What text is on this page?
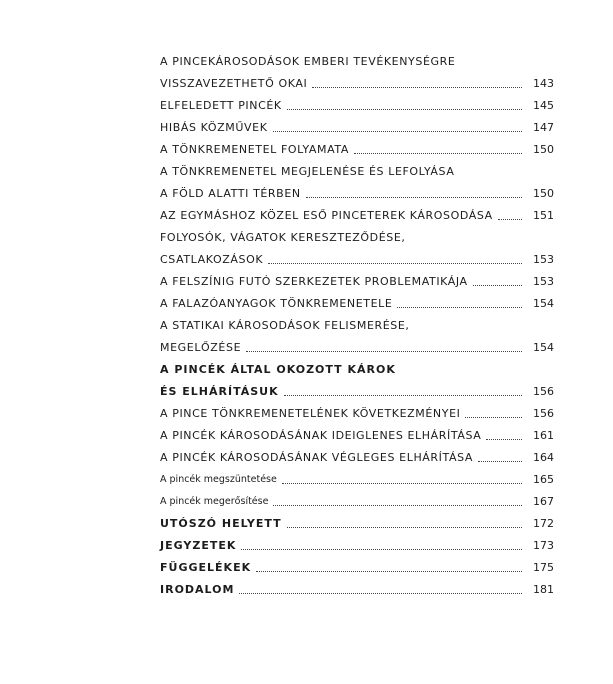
A PINCEKÁROSODÁSOK EMBERI TEVÉKENYSÉGRE
VISSZAVEZETHETŐ OKAI	143
ELFELEDETT PINCÉK	145
HIBÁS KÖZMŰVEK	147
A TÖNKREMENETEL FOLYAMATA	150
A TÖNKREMENETEL MEGJELENÉSE ÉS LEFOLYÁSA
A FÖLD ALATTI TÉRBEN	150
AZ EGYMÁSHOZ KÖZEL ESŐ PINCETEREK KÁROSODÁSA	151
FOLYOSÓK, VÁGATOK KERESZTEZŐDÉSE,
CSATLAKOZÁSOK	153
A FELSZÍNIG FUTÓ SZERKEZETEK PROBLEMATIKÁJA	153
A FALAZÓANYAGOK TÖNKREMENETELE	154
A STATIKAI KÁROSODÁSOK FELISMERÉSE,
MEGELŐZÉSE	154
A PINCÉK ÁLTAL OKOZOTT KÁROK
ÉS ELHÁRÍTÁSUK	156
A PINCE TÖNKREMENETELÉNEK KÖVETKEZMÉNYEI	156
A PINCÉK KÁROSODÁSÁNAK IDEIGLENES ELHÁRÍTÁSA	161
A PINCÉK KÁROSODÁSÁNAK VÉGLEGES ELHÁRÍTÁSA	164
A pincék megszüntetése	165
A pincék megerősítése	167
UTÓSZÓ HELYETT	172
JEGYZETEK	173
FÜGGELÉKEK	175
IRODALOM	181
